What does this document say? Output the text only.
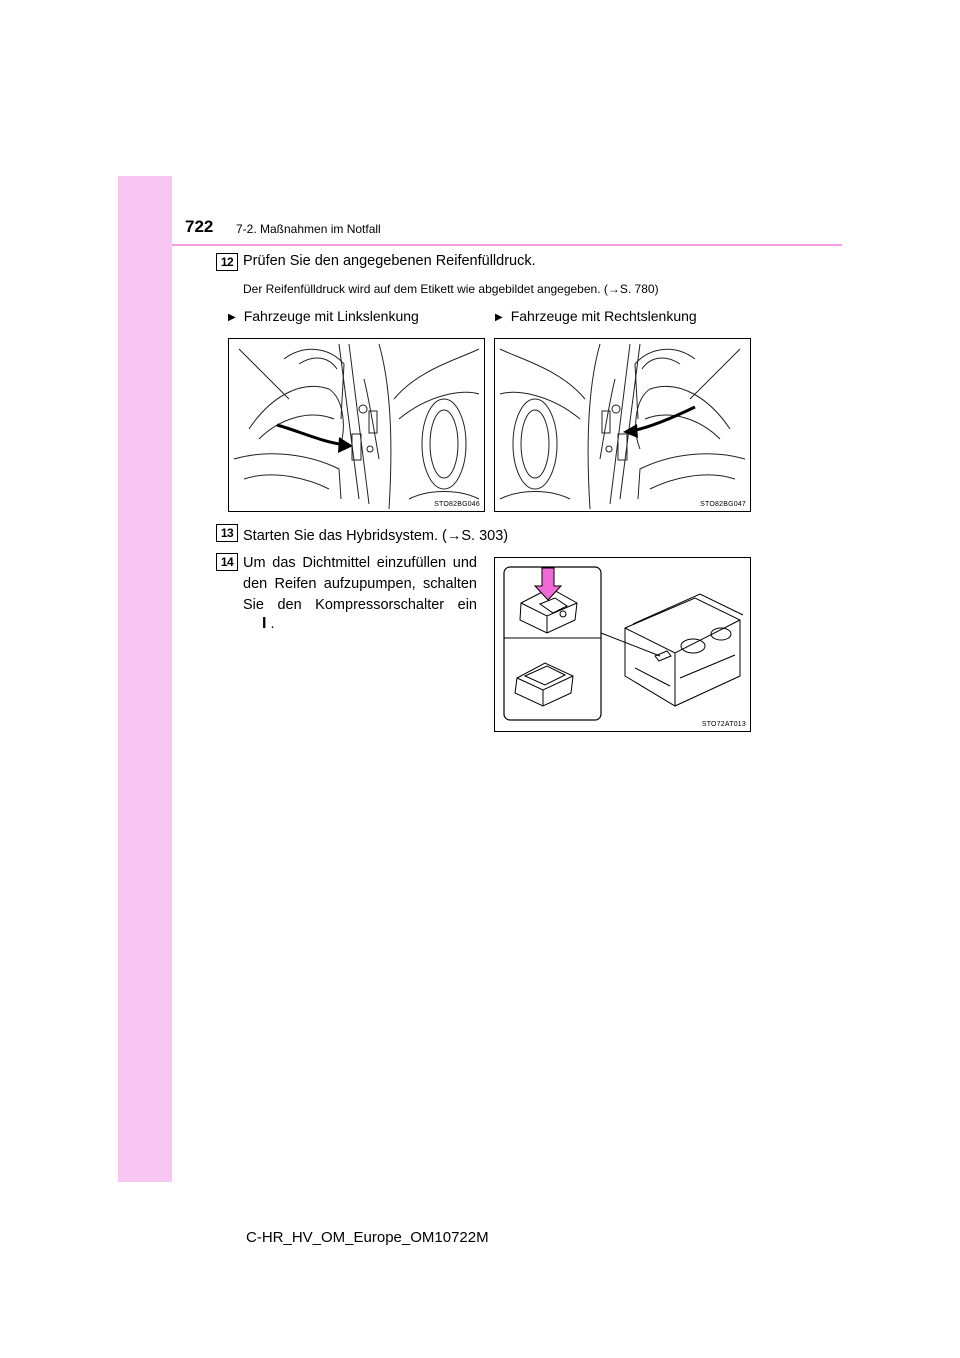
722 7-2. Maßnahmen im Notfall
12 Prüfen Sie den angegebenen Reifenfülldruck.
Der Reifenfülldruck wird auf dem Etikett wie abgebildet angegeben. (→S. 780)
▶ Fahrzeuge mit Linkslenkung	▶ Fahrzeuge mit Rechtslenkung
STO82BG046	STO82BG047
13 Starten Sie das Hybridsystem. (→S. 303)
14 Um das Dichtmittel einzufüllen und den Reifen aufzupumpen, schalten Sie den Kompressorschalter ein
I .
STO72AT013
C-HR_HV_OM_Europe_OM10722M
